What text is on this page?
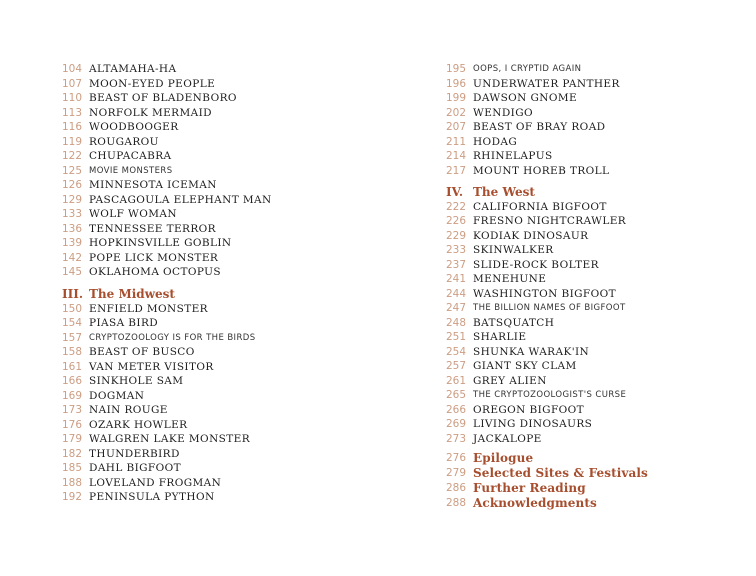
104 ALTAMAHA-HA
107 MOON-EYED PEOPLE
110 BEAST OF BLADENBORO
113 NORFOLK MERMAID
116 WOODBOOGER
119 ROUGAROU
122 CHUPACABRA
125 MOVIE MONSTERS
126 MINNESOTA ICEMAN
129 PASCAGOULA ELEPHANT MAN
133 WOLF WOMAN
136 TENNESSEE TERROR
139 HOPKINSVILLE GOBLIN
142 POPE LICK MONSTER
145 OKLAHOMA OCTOPUS
III. The Midwest
150 ENFIELD MONSTER
154 PIASA BIRD
157 CRYPTOZOOLOGY IS FOR THE BIRDS
158 BEAST OF BUSCO
161 VAN METER VISITOR
166 SINKHOLE SAM
169 DOGMAN
173 NAIN ROUGE
176 OZARK HOWLER
179 WALGREN LAKE MONSTER
182 THUNDERBIRD
185 DAHL BIGFOOT
188 LOVELAND FROGMAN
192 PENINSULA PYTHON
195 OOPS, I CRYPTID AGAIN
196 UNDERWATER PANTHER
199 DAWSON GNOME
202 WENDIGO
207 BEAST OF BRAY ROAD
211 HODAG
214 RHINELAPUS
217 MOUNT HOREB TROLL
IV. The West
222 CALIFORNIA BIGFOOT
226 FRESNO NIGHTCRAWLER
229 KODIAK DINOSAUR
233 SKINWALKER
237 SLIDE-ROCK BOLTER
241 MENEHUNE
244 WASHINGTON BIGFOOT
247 THE BILLION NAMES OF BIGFOOT
248 BATSQUATCH
251 SHARLIE
254 SHUNKA WARAK'IN
257 GIANT SKY CLAM
261 GREY ALIEN
265 THE CRYPTOZOOLOGIST'S CURSE
266 OREGON BIGFOOT
269 LIVING DINOSAURS
273 JACKALOPE
276 Epilogue
279 Selected Sites & Festivals
286 Further Reading
288 Acknowledgments
